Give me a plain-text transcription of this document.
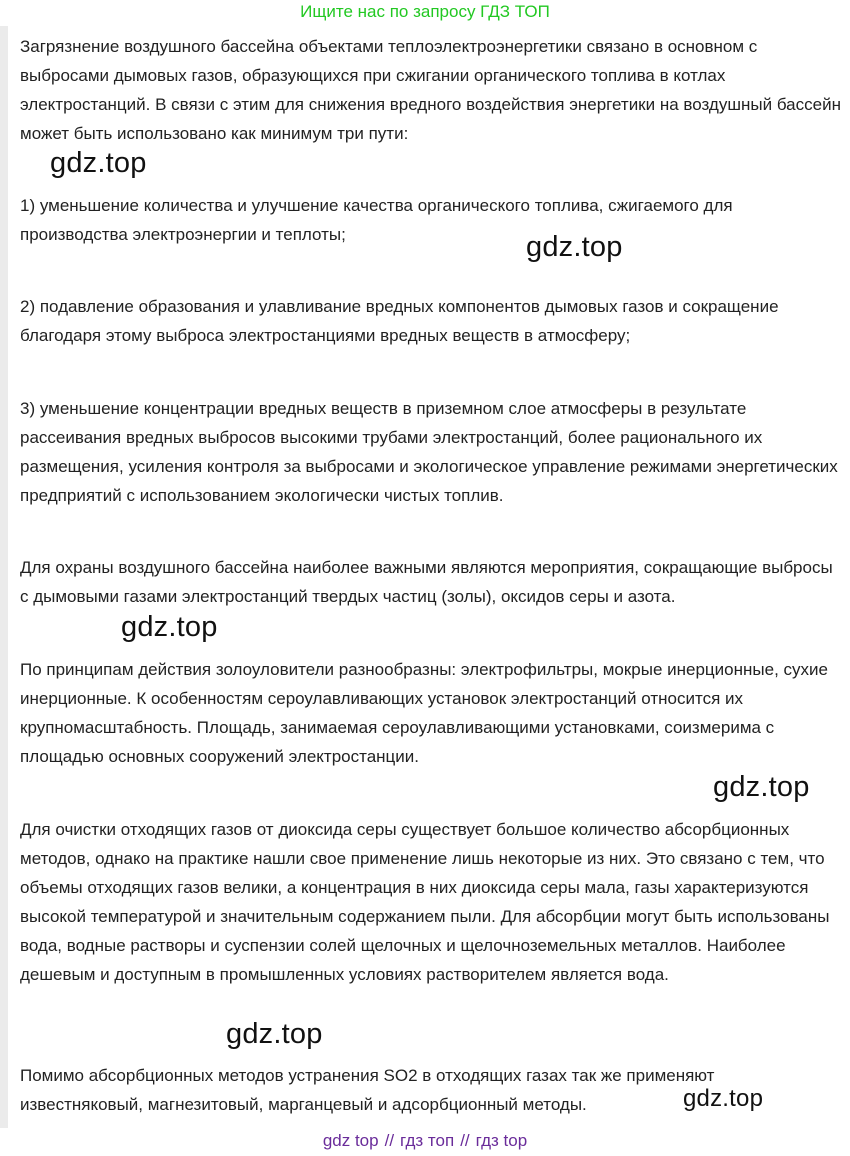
Ищите нас по запросу ГДЗ ТОП

Загрязнение воздушного бассейна объектами теплоэлектроэнергетики связано в основном с выбросами дымовых газов, образующихся при сжигании органического топлива в котлах электростанций. В связи с этим для снижения вредного воздействия энергетики на воздушный бассейн может быть использовано как минимум три пути:

gdz.top

1) уменьшение количества и улучшение качества органического топлива, сжигаемого для производства электроэнергии и теплоты;	gdz.top

2) подавление образования и улавливание вредных компонентов дымовых газов и сокращение благодаря этому выброса электростанциями вредных веществ в атмосферу;

3) уменьшение концентрации вредных веществ в приземном слое атмосферы в результате рассеивания вредных выбросов высокими трубами электростанций, более рационального их размещения, усиления контроля за выбросами и экологическое управление режимами энергетических предприятий с использованием экологически чистых топлив.

Для охраны воздушного бассейна наиболее важными являются мероприятия, сокращающие выбросы с дымовыми газами электростанций твердых частиц (золы), оксидов серы и азота.

gdz.top

По принципам действия золоуловители разнообразны: электрофильтры, мокрые инерционные, сухие инерционные. К особенностям сероулавливающих установок электростанций относится их крупномасштабность. Площадь, занимаемая сероулавливающими установками, соизмерима с площадью основных сооружений электростанции.

gdz.top

Для очистки отходящих газов от диоксида серы существует большое количество абсорбционных методов, однако на практике нашли свое применение лишь некоторые из них. Это связано с тем, что объемы отходящих газов велики, а концентрация в них диоксида серы мала, газы характеризуются высокой температурой и значительным содержанием пыли. Для абсорбции могут быть использованы вода, водные растворы и суспензии солей щелочных и щелочноземельных металлов. Наиболее дешевым и доступным в промышленных условиях растворителем является вода.

gdz.top

Помимо абсорбционных методов устранения SO2 в отходящих газах так же применяют известняковый, магнезитовый, марганцевый и адсорбционный методы.	gdz.top
gdz top // гдз топ // гдз top
